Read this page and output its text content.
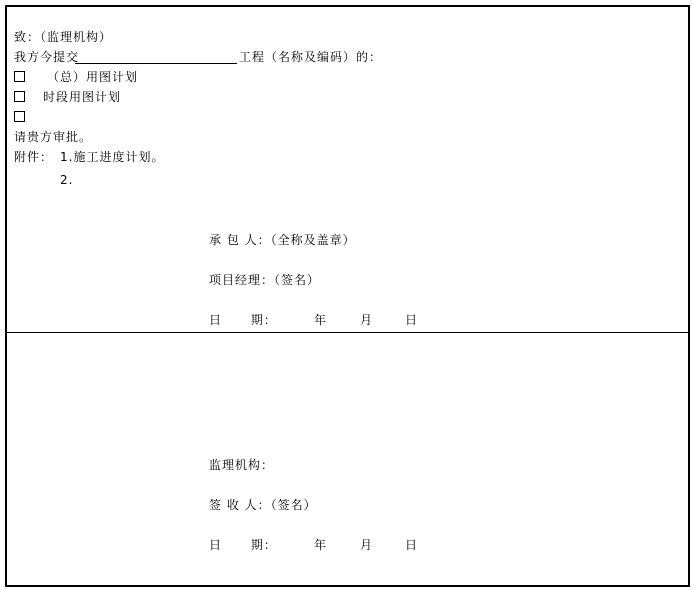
致：（监理机构）
我方今提交	工程（名称及编码）的：
（总）用图计划
时段用图计划
请贵方审批。
附件： 1.施工进度计划。
2.
承 包 人：（全称及盖章）
项目经理：（签名）
日      期：	年	月	日
监理机构：
签 收 人：（签名）
日      期：	年	月	日
